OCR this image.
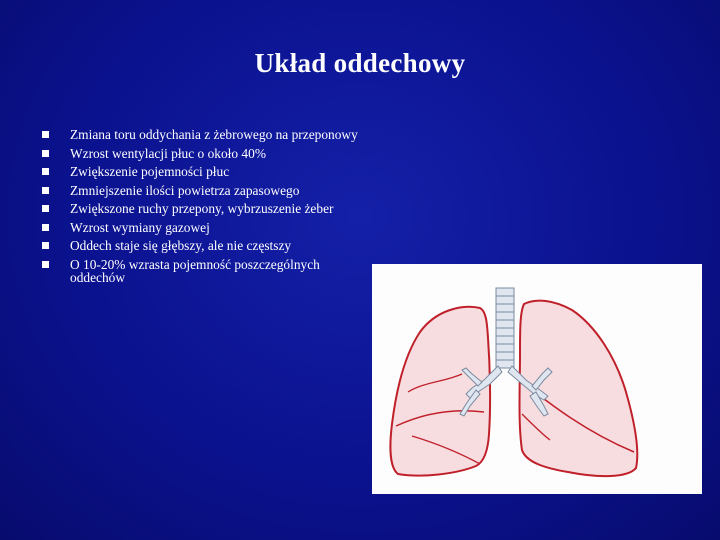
Układ oddechowy
Zmiana toru oddychania z żebrowego na przeponowy
Wzrost wentylacji płuc o około 40%
Zwiększenie pojemności płuc
Zmniejszenie ilości powietrza zapasowego
Zwiększone ruchy przepony, wybrzuszenie żeber
Wzrost wymiany gazowej
Oddech staje się głębszy, ale nie częstszy
O 10-20% wzrasta pojemność poszczególnych oddechów
